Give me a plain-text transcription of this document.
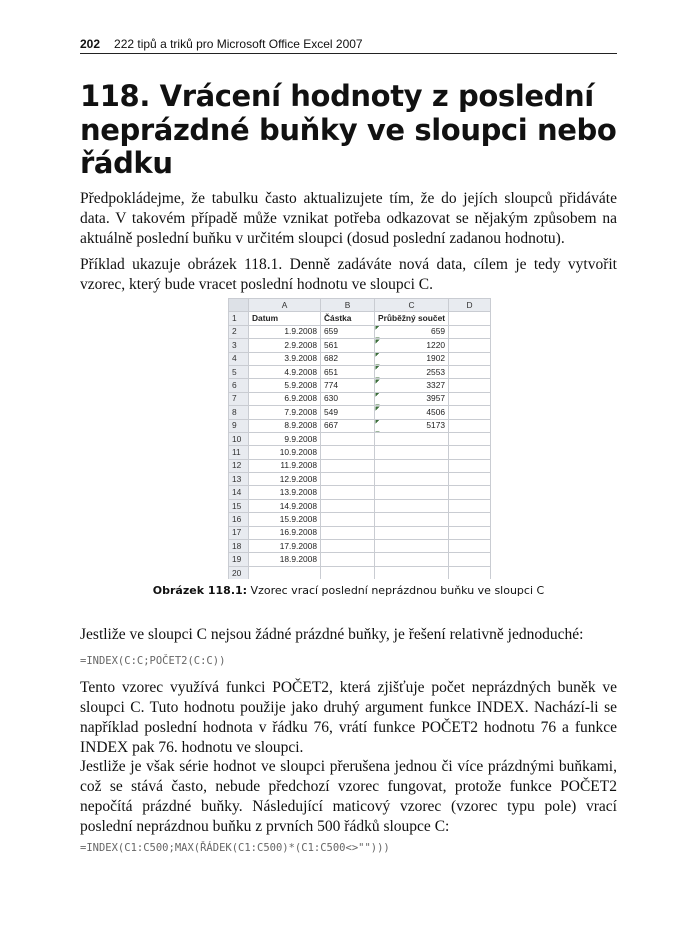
202 222 tipů a triků pro Microsoft Office Excel 2007
118. Vrácení hodnoty z poslední neprázdné buňky ve sloupci nebo řádku

Předpokládejme, že tabulku často aktualizujete tím, že do jejích sloupců přidáváte data. V takovém případě může vznikat potřeba odkazovat se nějakým způsobem na aktuálně poslední buňku v určitém sloupci (dosud poslední zadanou hodnotu).

Příklad ukazuje obrázek 118.1. Denně zadáváte nová data, cílem je tedy vytvořit vzorec, který bude vracet poslední hodnotu ve sloupci C.

	A	B	C	D
1	Datum	Částka	Průběžný součet	
2	1.9.2008	659	659	
3	2.9.2008	561	1220	
4	3.9.2008	682	1902	
5	4.9.2008	651	2553	
6	5.9.2008	774	3327	
7	6.9.2008	630	3957	
8	7.9.2008	549	4506	
9	8.9.2008	667	5173	
10	9.9.2008			
11	10.9.2008			
12	11.9.2008			
13	12.9.2008			
14	13.9.2008			
15	14.9.2008			
16	15.9.2008			
17	16.9.2008			
18	17.9.2008			
19	18.9.2008			
20				
Obrázek 118.1: Vzorec vrací poslední neprázdnou buňku ve sloupci C

Jestliže ve sloupci C nejsou žádné prázdné buňky, je řešení relativně jednoduché:

=INDEX(C:C;POČET2(C:C))

Tento vzorec využívá funkci POČET2, která zjišťuje počet neprázdných buněk ve sloupci C. Tuto hodnotu použije jako druhý argument funkce INDEX. Nachází-li se například poslední hodnota v řádku 76, vrátí funkce POČET2 hodnotu 76 a funkce INDEX pak 76. hodnotu ve sloupci.

Jestliže je však série hodnot ve sloupci přerušena jednou či více prázdnými buňkami, což se stává často, nebude předchozí vzorec fungovat, protože funkce POČET2 nepočítá prázdné buňky. Následující maticový vzorec (vzorec typu pole) vrací poslední neprázdnou buňku z prvních 500 řádků sloupce C:

=INDEX(C1:C500;MAX(ŘÁDEK(C1:C500)*(C1:C500<>"")))
